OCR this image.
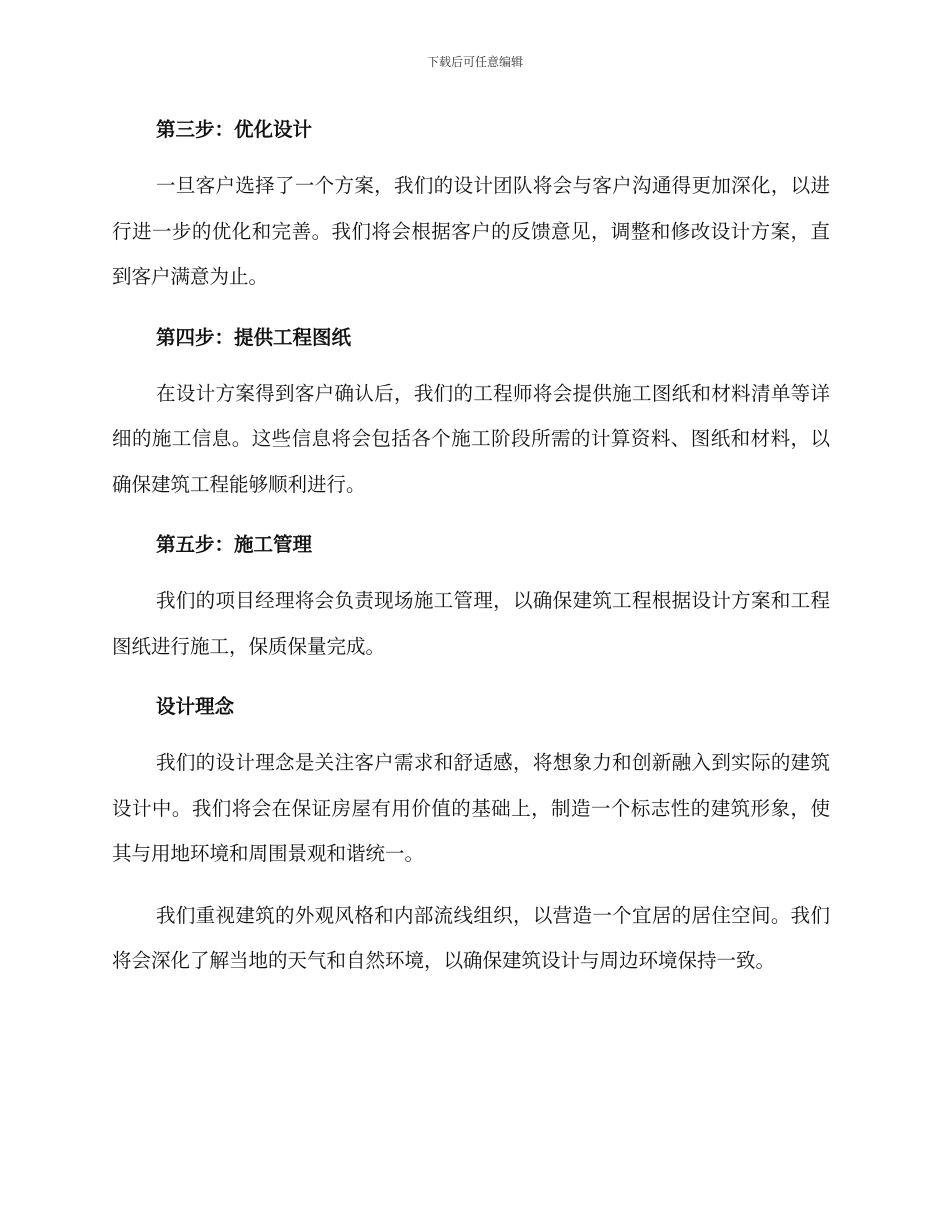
下载后可任意编辑
第三步：优化设计

一旦客户选择了一个方案，我们的设计团队将会与客户沟通得更加深化，以进行进一步的优化和完善。我们将会根据客户的反馈意见，调整和修改设计方案，直到客户满意为止。

第四步：提供工程图纸

在设计方案得到客户确认后，我们的工程师将会提供施工图纸和材料清单等详细的施工信息。这些信息将会包括各个施工阶段所需的计算资料、图纸和材料，以确保建筑工程能够顺利进行。

第五步：施工管理

我们的项目经理将会负责现场施工管理，以确保建筑工程根据设计方案和工程图纸进行施工，保质保量完成。

设计理念

我们的设计理念是关注客户需求和舒适感，将想象力和创新融入到实际的建筑设计中。我们将会在保证房屋有用价值的基础上，制造一个标志性的建筑形象，使其与用地环境和周围景观和谐统一。

我们重视建筑的外观风格和内部流线组织，以营造一个宜居的居住空间。我们将会深化了解当地的天气和自然环境，以确保建筑设计与周边环境保持一致。
